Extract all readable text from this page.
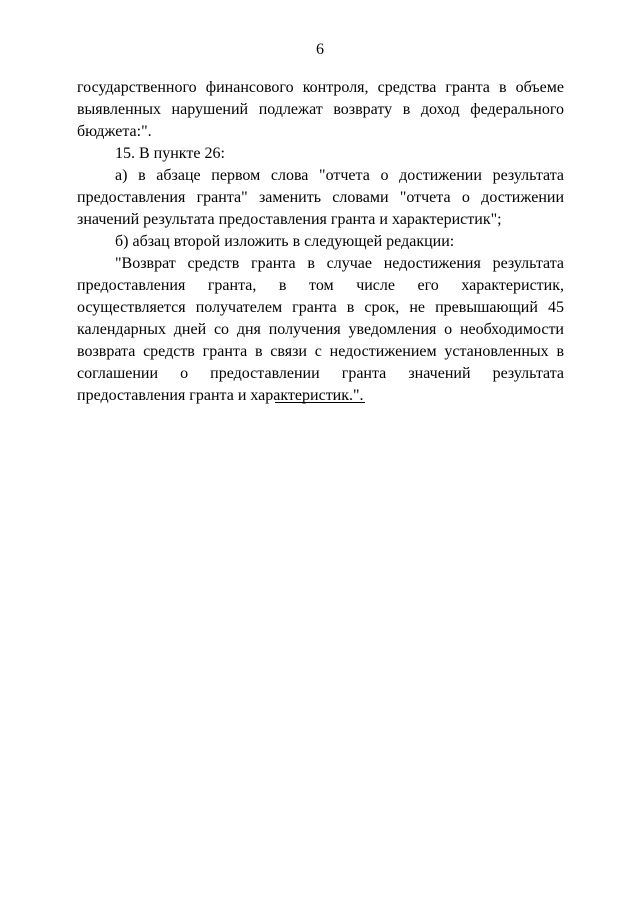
6

государственного финансового контроля, средства гранта в объеме выявленных нарушений подлежат возврату в доход федерального бюджета:".

15. В пункте 26:

а) в абзаце первом слова "отчета о достижении результата предоставления гранта" заменить словами "отчета о достижении значений результата предоставления гранта и характеристик";

б) абзац второй изложить в следующей редакции:

"Возврат средств гранта в случае недостижения результата предоставления гранта, в том числе его характеристик, осуществляется получателем гранта в срок, не превышающий 45 календарных дней со дня получения уведомления о необходимости возврата средств гранта в связи с недостижением установленных в соглашении о предоставлении гранта значений результата предоставления гранта и характеристик.".
